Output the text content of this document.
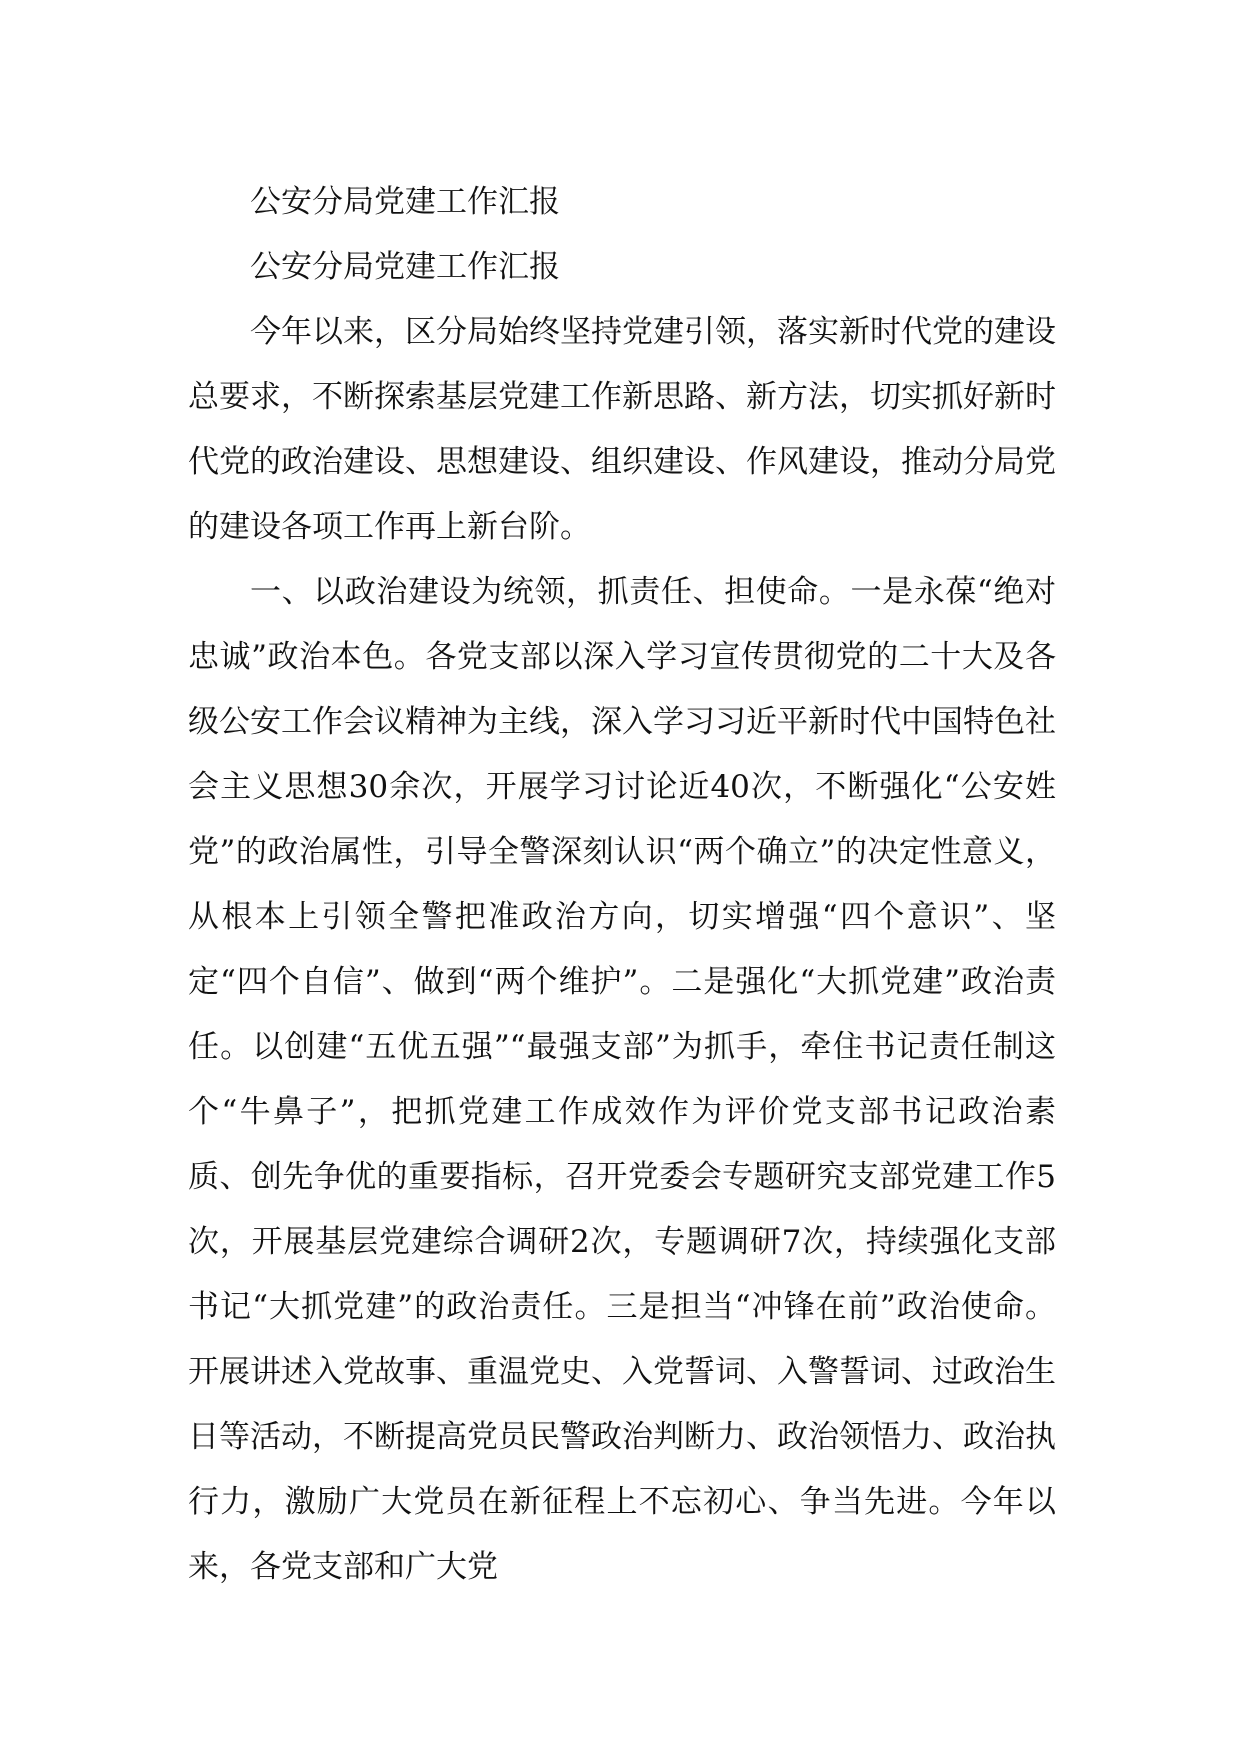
公安分局党建工作汇报

公安分局党建工作汇报

今年以来，区分局始终坚持党建引领，落实新时代党的建设总要求，不断探索基层党建工作新思路、新方法，切实抓好新时代党的政治建设、思想建设、组织建设、作风建设，推动分局党的建设各项工作再上新台阶。

一、以政治建设为统领，抓责任、担使命。一是永葆“绝对忠诚”政治本色。各党支部以深入学习宣传贯彻党的二十大及各级公安工作会议精神为主线，深入学习习近平新时代中国特色社会主义思想30余次，开展学习讨论近40次，不断强化“公安姓党”的政治属性，引导全警深刻认识“两个确立”的决定性意义，从根本上引领全警把准政治方向，切实增强“四个意识”、坚定“四个自信”、做到“两个维护”。二是强化“大抓党建”政治责任。以创建“五优五强”“最强支部”为抓手，牵住书记责任制这个“牛鼻子”，把抓党建工作成效作为评价党支部书记政治素质、创先争优的重要指标，召开党委会专题研究支部党建工作5次，开展基层党建综合调研2次，专题调研7次，持续强化支部书记“大抓党建”的政治责任。三是担当“冲锋在前”政治使命。开展讲述入党故事、重温党史、入党誓词、入警誓词、过政治生日等活动，不断提高党员民警政治判断力、政治领悟力、政治执行力，激励广大党员在新征程上不忘初心、争当先进。今年以来，各党支部和广大党
